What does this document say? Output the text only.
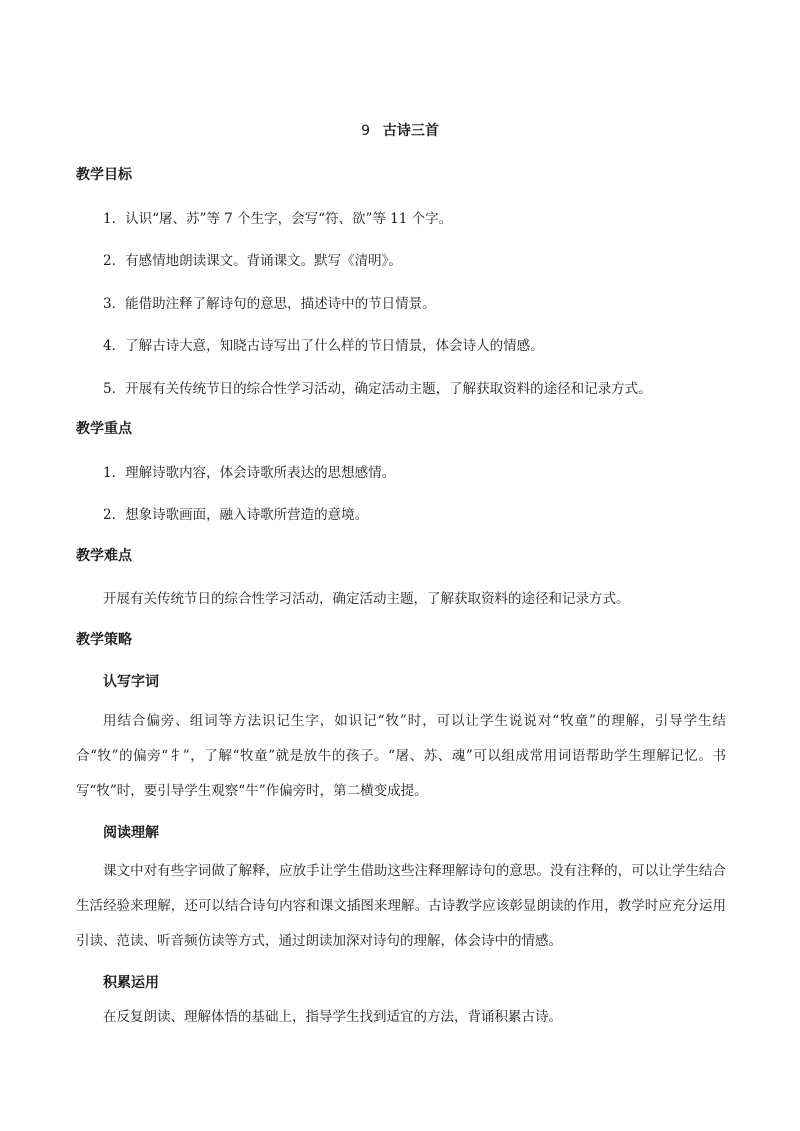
9 古诗三首
教学目标
1．认识“屠、苏”等 7 个生字，会写“符、欲”等 11 个字。
2．有感情地朗读课文。背诵课文。默写《清明》。
3．能借助注释了解诗句的意思，描述诗中的节日情景。
4．了解古诗大意，知晓古诗写出了什么样的节日情景，体会诗人的情感。
5．开展有关传统节日的综合性学习活动，确定活动主题，了解获取资料的途径和记录方式。
教学重点
1．理解诗歌内容，体会诗歌所表达的思想感情。
2．想象诗歌画面，融入诗歌所营造的意境。
教学难点
开展有关传统节日的综合性学习活动，确定活动主题，了解获取资料的途径和记录方式。
教学策略
认写字词
用结合偏旁、组词等方法识记生字，如识记“牧”时，可以让学生说说对“牧童”的理解，引导学生结合“牧”的偏旁“牜”，了解“牧童”就是放牛的孩子。“屠、苏、魂”可以组成常用词语帮助学生理解记忆。书写“牧”时，要引导学生观察“牛”作偏旁时，第二横变成提。
阅读理解
课文中对有些字词做了解释，应放手让学生借助这些注释理解诗句的意思。没有注释的，可以让学生结合生活经验来理解，还可以结合诗句内容和课文插图来理解。古诗教学应该彰显朗读的作用，教学时应充分运用引读、范读、听音频仿读等方式，通过朗读加深对诗句的理解，体会诗中的情感。
积累运用
在反复朗读、理解体悟的基础上，指导学生找到适宜的方法，背诵积累古诗。
